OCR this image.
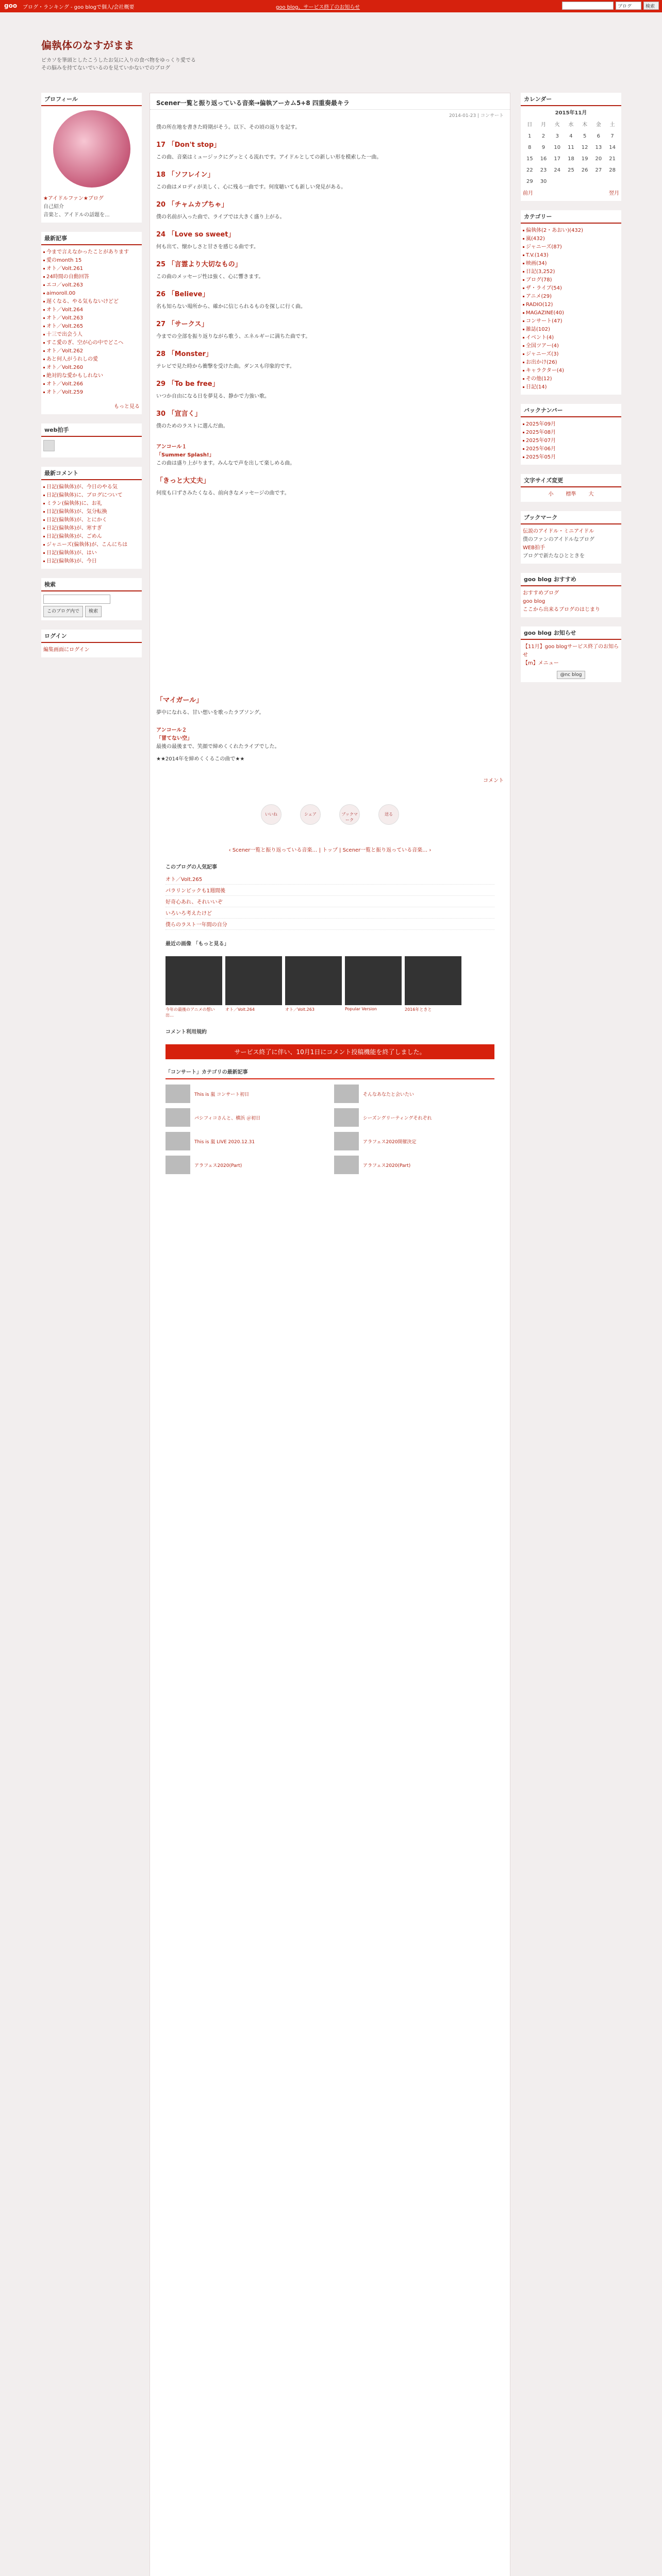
goo ブログ・ランキング - goo blogで個人/会社概要	goo blog、サービス終了のお知らせ	ブログ	検索
偏執体のなすがまま
ピカソを筆頭としたこうしたお気に入りの食べ物をゆっくり愛でる
その脳みを持てないでいるのを見ていかないでのブログ
プロフィール
★アイドルファン★ブログ
自己紹介
音楽と、アイドルの話題を...
最新記事
今まで言えなかったことがあります
愛のmonth 15
オト／Volt.261
24時間の自動回答
エコ／volt.263
aimoroll.00
遅くなる、やる気もないけどど
オト／Volt.264
オト／Volt.263
オト／Volt.265
十三で出会う人
すこ愛のぎ、空が心の中でどこへ
オト／Volt.262
あと何人がうれしの愛
オト／Volt.260
絶対的な愛かもしれない
オト／Volt.266
オト／Volt.259
もっと見る
web拍手
最新コメント
日記(偏執体)が、今日のやる気
日記(偏執体)に、ブログについて
ミラン(偏執体)に、お礼
日記(偏執体)が、気分転換
日記(偏執体)が、とにかく
日記(偏執体)が、寒すぎ
日記(偏執体)が、ごめん
ジャニーズ(偏執体)が、こんにちは
日記(偏執体)が、はい
日記(偏執体)が、今日
検索
このブログ内で	検索
ログイン
編集画面にログイン
Scener一覧と振り返っている音楽→偏執アーカム5+8 四重奏最キラ
2014-01-23 | コンサート

僕の所在地を書きた時期がそう。以下、その頃の返りを記す。

17 「Don't stop」

この曲、音楽はミュージックにグッとくる流れです。アイドルとしての新しい形を模索した一曲。

18 「ソフレイン」

この曲はメロディが美しく、心に残る一曲です。何度聴いても新しい発見がある。

20 「チャムカプちゃ」

僕の名前が入った曲で、ライブでは大きく盛り上がる。

24 「Love so sweet」

何も出て、懐かしさと甘さを感じる曲です。

25 「言霊より大切なもの」

この曲のメッセージ性は強く、心に響きます。

26 「Believe」

名も知らない場所から、確かに信じられるものを探しに行く曲。

27 「サークス」

今までの全部を振り返りながら歌う、エネルギーに満ちた曲です。

28 「Monster」

テレビで見た時から衝撃を受けた曲。ダンスも印象的です。

29 「To be free」

いつか自由になる日を夢見る、静かで力強い歌。

30 「宣言く」

僕のためのラストに選んだ曲。

アンコール１
「Summer Splash!」

この曲は盛り上がります。みんなで声を出して楽しめる曲。

「きっと大丈夫」

何度も口ずさみたくなる、前向きなメッセージの曲です。

「マイガール」

夢中になれる、甘い想いを歌ったラブソング。

アンコール２
「冒てない空」

最後の最後まで、笑顔で締めくくれたライブでした。

★★2014年を締めくくるこの曲で★★

コメント
いいね	シェア	ブックマーク
送る
‹ Scener一覧と振り返っている音楽… | トップ | Scener一覧と振り返っている音楽… ›
このブログの人気記事
オト／Volt.265
パラリンピックも1週間後
好奇心あれ、それいいぞ
いろいろ考えたけど
僕らのラスト一年間の自分
最近の画像 「もっと見る」
今年の最後のアニメの想い出…
オト／Volt.264	オト／Volt.263	Popular Version	2016年ときと
コメント利用規約
サービス終了に伴い、10月1日にコメント投稿機能を終了しました。
「コンサート」カテゴリの最新記事
This is 嵐 コンサート初日	そんなあなたと会いたい
パシフィコさんと、横浜 ＠初日	シーズングリーティングそれぞれ
This is 嵐 LIVE 2020.12.31	アラフェス2020開催決定
アラフェス2020(Part)	アラフェス2020(Part)
カレンダー
2015年11月
日	月	火	水	木	金	土
1	2	3	4	5	6	7
8	9	10	11	12	13	14
15	16	17	18	19	20	21
22	23	24	25	26	27	28
29	30					
前月	翌月
カテゴリー
偏執体(2・あおい)(432)
嵐(432)
ジャニーズ(87)
T.V.(143)
映画(34)
日記(3,252)
ブログ(78)
ザ・ライブ(54)
アニメ(29)
RADIO(12)
MAGAZINE(40)
コンサート(47)
雑誌(102)
イベント(4)
全国ツアー(4)
ジャニーズ(3)
お出かけ(26)
キャラクター(4)
その他(12)
日記(14)
バックナンバー
2025年09月
2025年08月
2025年07月
2025年06月
2025年05月
文字サイズ変更
小 標準 大
ブックマーク
伝説のアイドル・ミニアイドル
僕のファンのアイドルなブログ
WEB拍手
ブログで新たなひとときを
goo blog おすすめ
おすすめブログ
goo blog
ここから出来るブログのはじまり
goo blog お知らせ
【11月】goo blogサービス終了のお知らせ
【m】メニュー
@nc blog
